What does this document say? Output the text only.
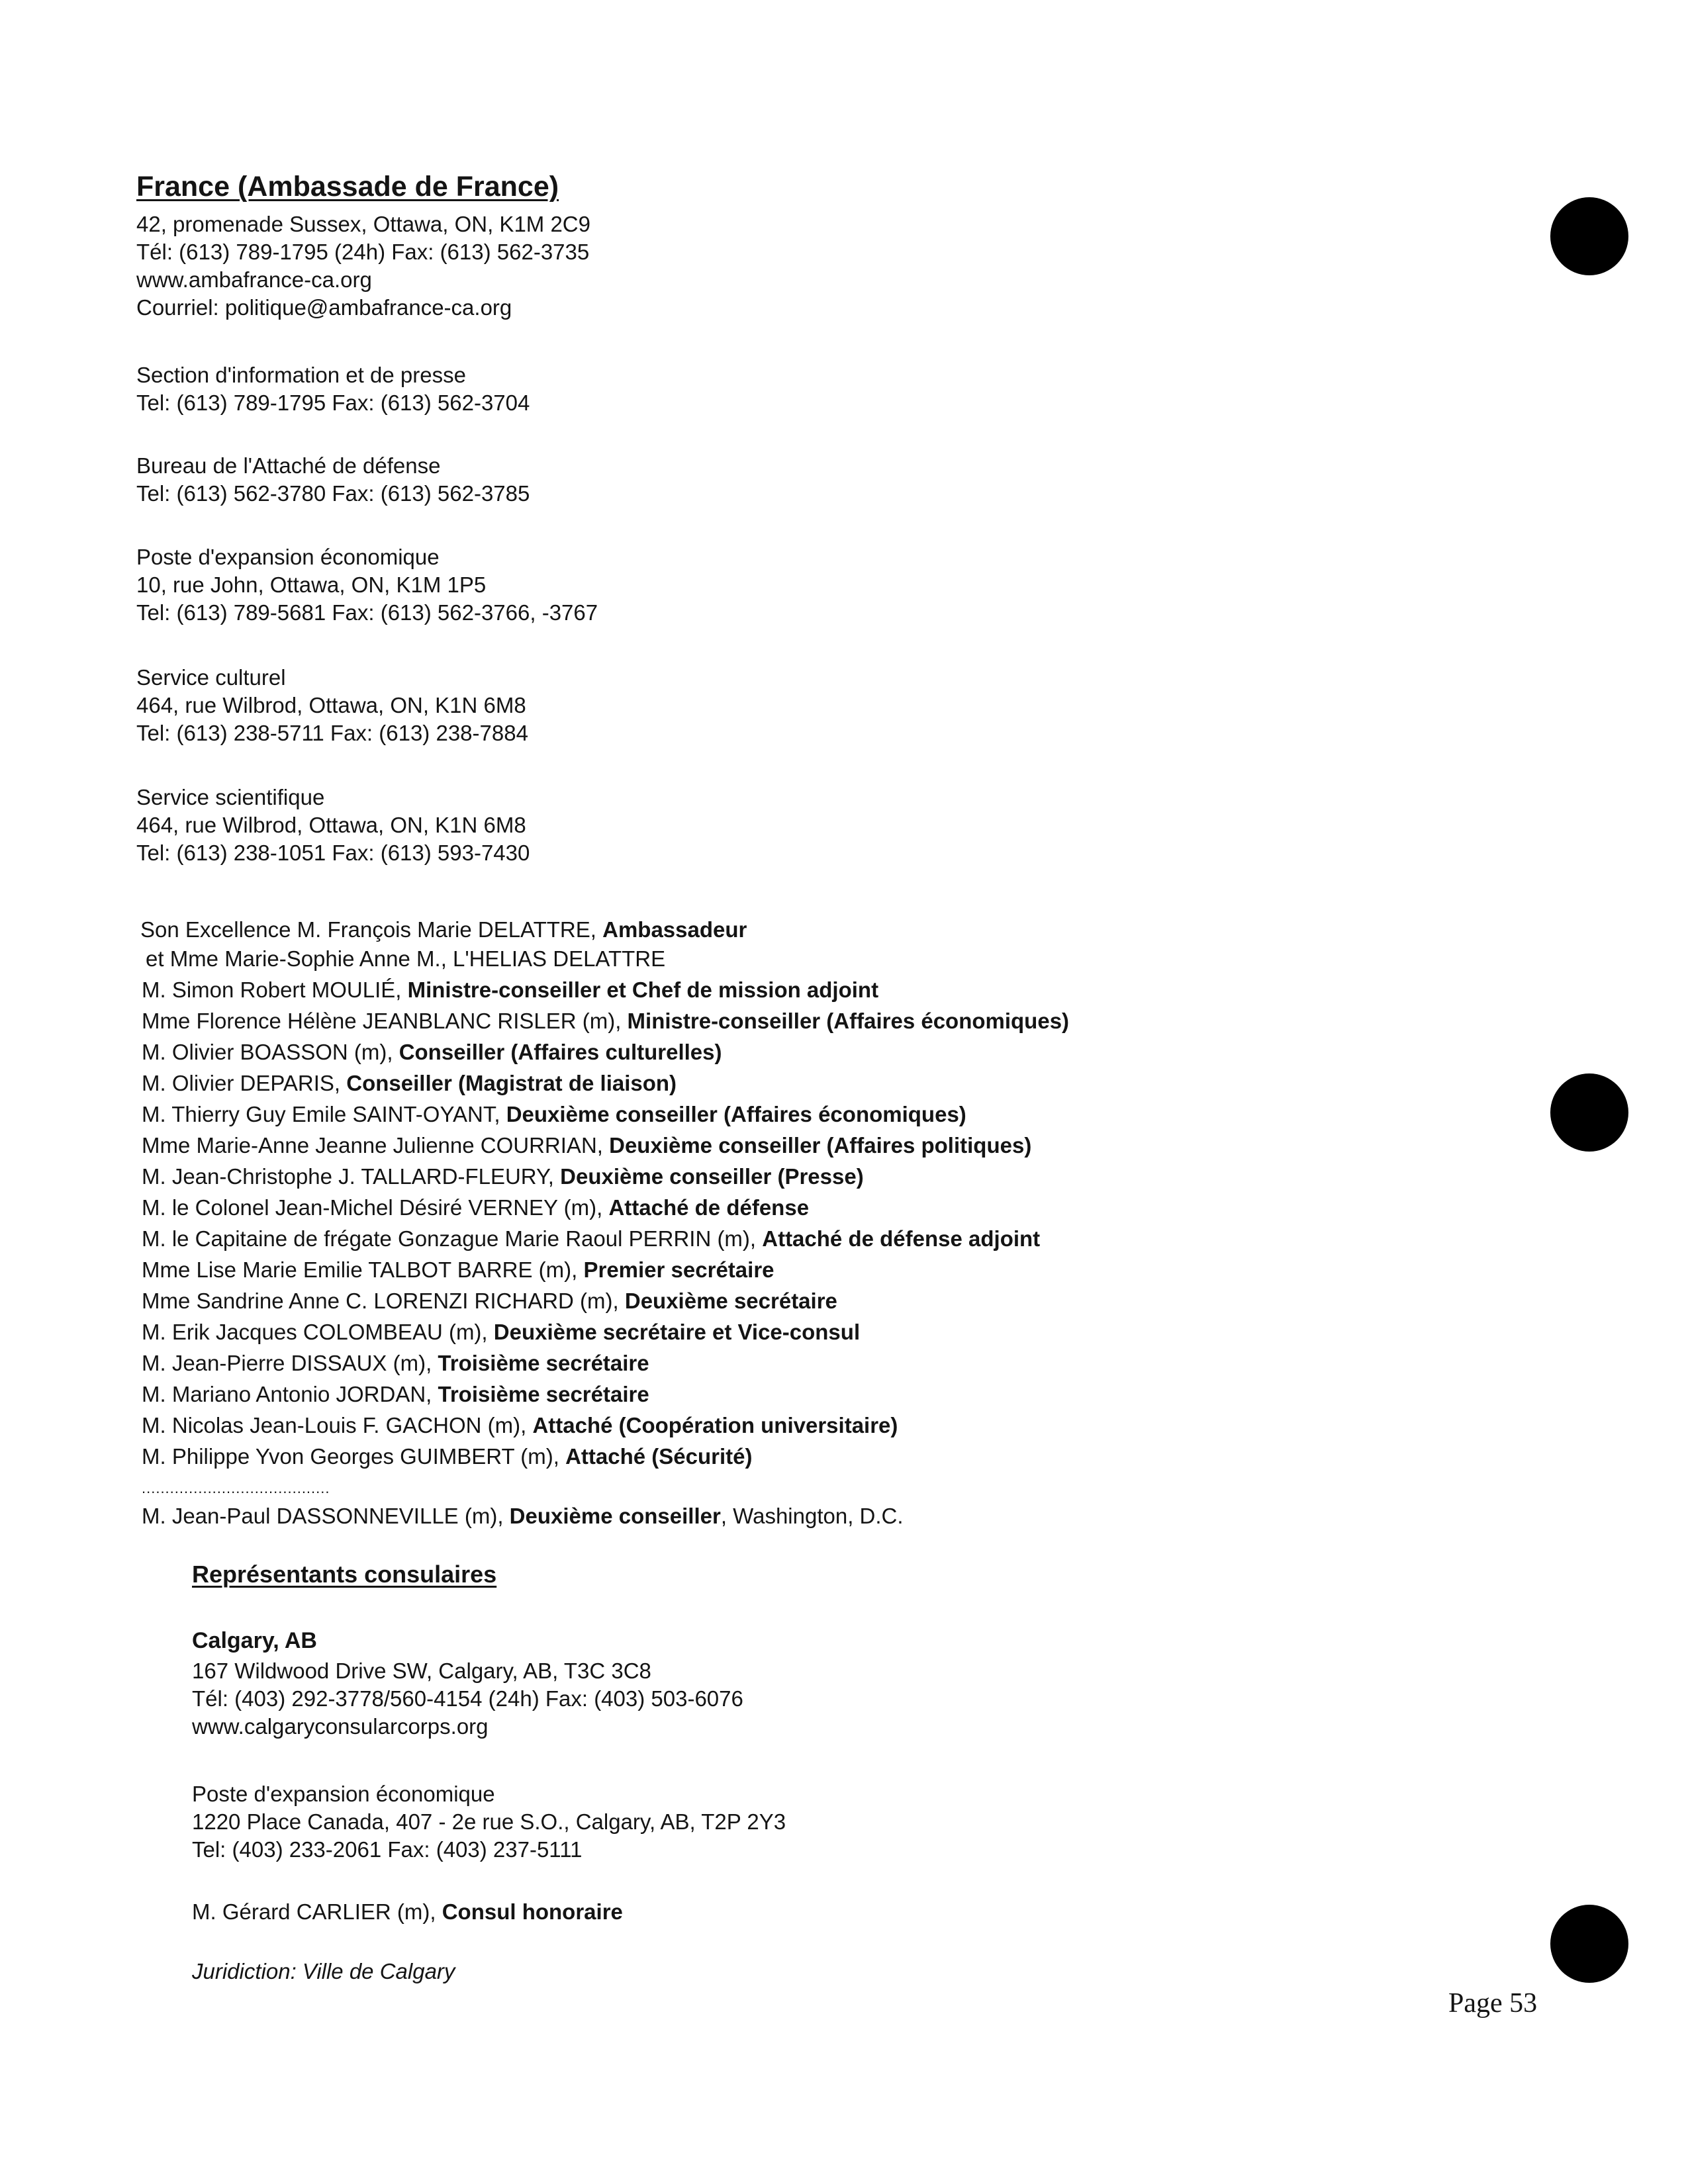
France (Ambassade de France)
42, promenade Sussex, Ottawa, ON, K1M 2C9
Tél: (613) 789-1795 (24h) Fax: (613) 562-3735
www.ambafrance-ca.org
Courriel: politique@ambafrance-ca.org
Section d'information et de presse
Tel: (613) 789-1795 Fax: (613) 562-3704
Bureau de l'Attaché de défense
Tel: (613) 562-3780 Fax: (613) 562-3785
Poste d'expansion économique
10, rue John, Ottawa, ON, K1M 1P5
Tel: (613) 789-5681 Fax: (613) 562-3766, -3767
Service culturel
464, rue Wilbrod, Ottawa, ON, K1N 6M8
Tel: (613) 238-5711 Fax: (613) 238-7884
Service scientifique
464, rue Wilbrod, Ottawa, ON, K1N 6M8
Tel: (613) 238-1051 Fax: (613) 593-7430
Son Excellence M. François Marie DELATTRE, Ambassadeur
et Mme Marie-Sophie Anne M., L'HELIAS DELATTRE
M. Simon Robert MOULIÉ, Ministre-conseiller et Chef de mission adjoint
Mme Florence Hélène JEANBLANC RISLER (m), Ministre-conseiller (Affaires économiques)
M. Olivier BOASSON (m), Conseiller (Affaires culturelles)
M. Olivier DEPARIS, Conseiller (Magistrat de liaison)
M. Thierry Guy Emile SAINT-OYANT, Deuxième conseiller (Affaires économiques)
Mme Marie-Anne Jeanne Julienne COURRIAN, Deuxième conseiller (Affaires politiques)
M. Jean-Christophe J. TALLARD-FLEURY, Deuxième conseiller (Presse)
M. le Colonel Jean-Michel Désiré VERNEY (m), Attaché de défense
M. le Capitaine de frégate Gonzague Marie Raoul PERRIN (m), Attaché de défense adjoint
Mme Lise Marie Emilie TALBOT BARRE (m), Premier secrétaire
Mme Sandrine Anne C. LORENZI RICHARD (m), Deuxième secrétaire
M. Erik Jacques COLOMBEAU (m), Deuxième secrétaire et Vice-consul
M. Jean-Pierre DISSAUX (m), Troisième secrétaire
M. Mariano Antonio JORDAN, Troisième secrétaire
M. Nicolas Jean-Louis F. GACHON (m), Attaché (Coopération universitaire)
M. Philippe Yvon Georges GUIMBERT (m), Attaché (Sécurité)
........................................
M. Jean-Paul DASSONNEVILLE (m), Deuxième conseiller, Washington, D.C.
Représentants consulaires
Calgary, AB
167 Wildwood Drive SW, Calgary, AB, T3C 3C8
Tél: (403) 292-3778/560-4154 (24h) Fax: (403) 503-6076
www.calgaryconsularcorps.org
Poste d'expansion économique
1220 Place Canada, 407 - 2e rue S.O., Calgary, AB, T2P 2Y3
Tel: (403) 233-2061 Fax: (403) 237-5111
M. Gérard CARLIER (m), Consul honoraire
Juridiction: Ville de Calgary
Page 53
